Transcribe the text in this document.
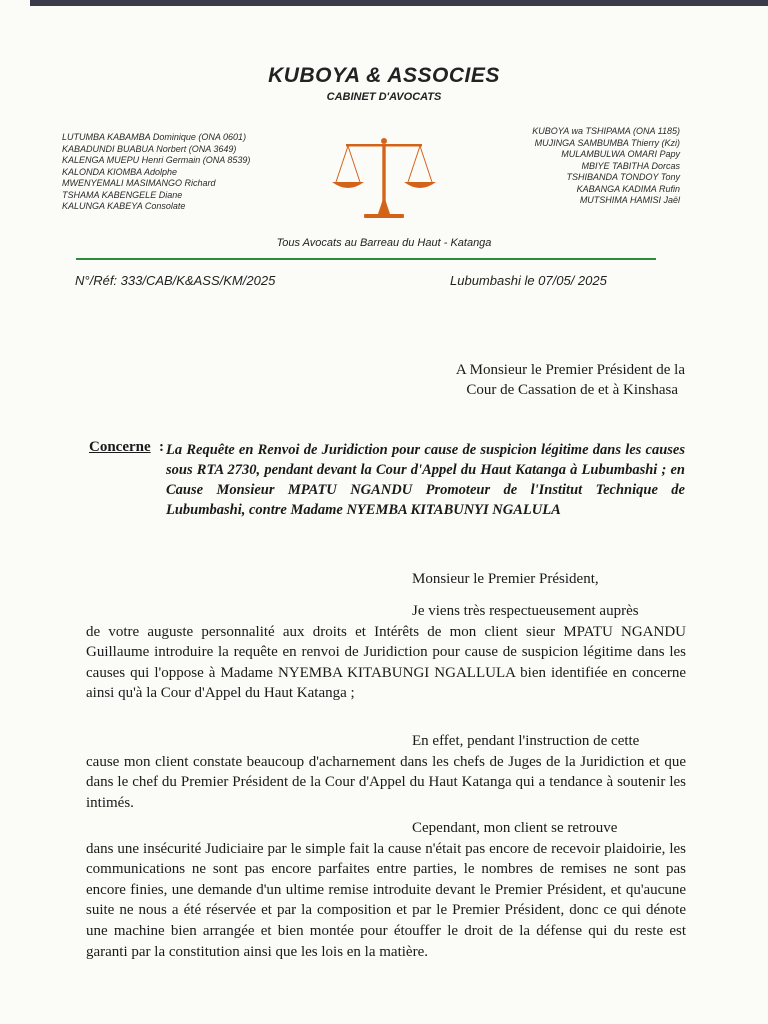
KUBOYA & ASSOCIES
CABINET D'AVOCATS
LUTUMBA KABAMBA Dominique (ONA 0601)
KABADUNDI BUABUA Norbert (ONA 3649)
KALENGA MUEPU Henri Germain (ONA 8539)
KALONDA KIOMBA Adolphe
MWENYEMALI MASIMANGO Richard
TSHAMA KABENGELE Diane
KALUNGA KABEYA Consolate
KUBOYA wa TSHIPAMA (ONA 1185)
MUJINGA SAMBUMBA Thierry (Kzi)
MULAMBULWA OMARI Papy
MBIYE TABITHA Dorcas
TSHIBANDA TONDOY Tony
KABANGA KADIMA Rufin
MUTSHIMA HAMISI Jaël
Tous Avocats au Barreau du Haut - Katanga
N°/Réf: 333/CAB/K&ASS/KM/2025	Lubumbashi le 07/05/ 2025
A Monsieur le Premier Président de la
Cour de Cassation de et à Kinshasa
Concerne : La Requête en Renvoi de Juridiction pour cause de suspicion légitime dans les causes sous RTA 2730, pendant devant la Cour d'Appel du Haut Katanga à Lubumbashi ; en Cause Monsieur MPATU NGANDU Promoteur de l'Institut Technique de Lubumbashi, contre Madame NYEMBA KITABUNYI NGALULA
Monsieur le Premier Président,
Je viens très respectueusement auprès
de votre auguste personnalité aux droits et Intérêts de mon client sieur MPATU NGANDU Guillaume introduire la requête en renvoi de Juridiction pour cause de suspicion légitime dans les causes qui l'oppose à Madame NYEMBA KITABUNGI NGALLULA bien identifiée en concerne ainsi qu'à la Cour d'Appel du Haut Katanga ;
En effet, pendant l'instruction de cette
cause mon client constate beaucoup d'acharnement dans les chefs de Juges de la Juridiction et que dans le chef du Premier Président de la Cour d'Appel du Haut Katanga qui a tendance à soutenir les intimés.
Cependant, mon client se retrouve
dans une insécurité Judiciaire par le simple fait la cause n'était pas encore de recevoir plaidoirie, les communications ne sont pas encore parfaites entre parties, le nombres de remises ne sont pas encore finies, une demande d'un ultime remise introduite devant le Premier Président, et qu'aucune suite ne nous a été réservée et par la composition et par le Premier Président, donc ce qui dénote une machine bien arrangée et bien montée pour étouffer le droit de la défense qui du reste est garanti par la constitution ainsi que les lois en la matière.
